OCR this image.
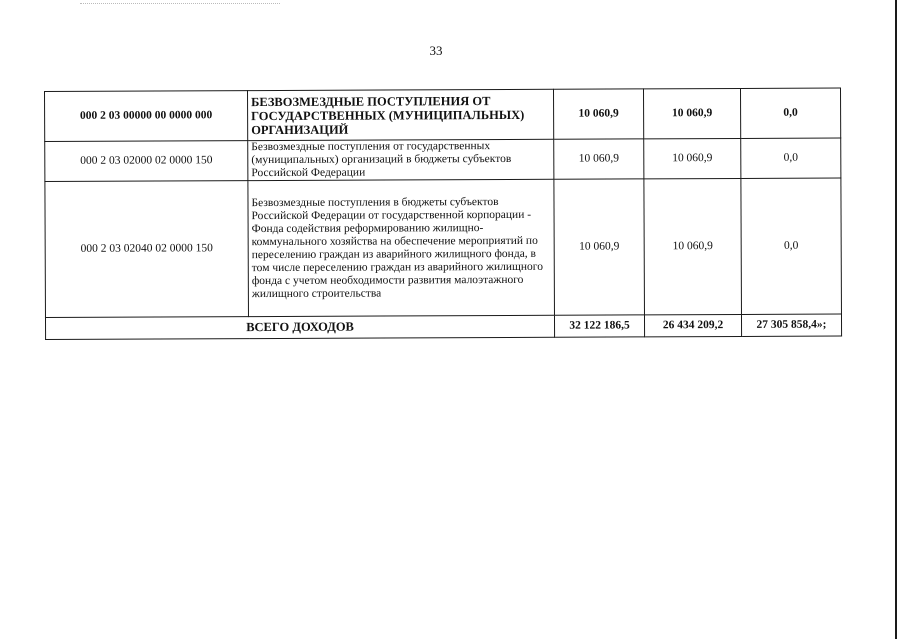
33
000 2 03 00000 00 0000 000	БЕЗВОЗМЕЗДНЫЕ ПОСТУПЛЕНИЯ ОТ ГОСУДАРСТВЕННЫХ (МУНИЦИПАЛЬНЫХ) ОРГАНИЗАЦИЙ	10 060,9	10 060,9	0,0
000 2 03 02000 02 0000 150	Безвозмездные поступления от государственных (муниципальных) организаций в бюджеты субъектов Российской Федерации	10 060,9	10 060,9	0,0
000 2 03 02040 02 0000 150	Безвозмездные поступления в бюджеты субъектов Российской Федерации от государственной корпорации - Фонда содействия реформированию жилищно-коммунального хозяйства на обеспечение мероприятий по переселению граждан из аварийного жилищного фонда, в том числе переселению граждан из аварийного жилищного фонда с учетом необходимости развития малоэтажного жилищного строительства	10 060,9	10 060,9	0,0
ВСЕГО ДОХОДОВ		32 122 186,5	26 434 209,2	27 305 858,4»;
